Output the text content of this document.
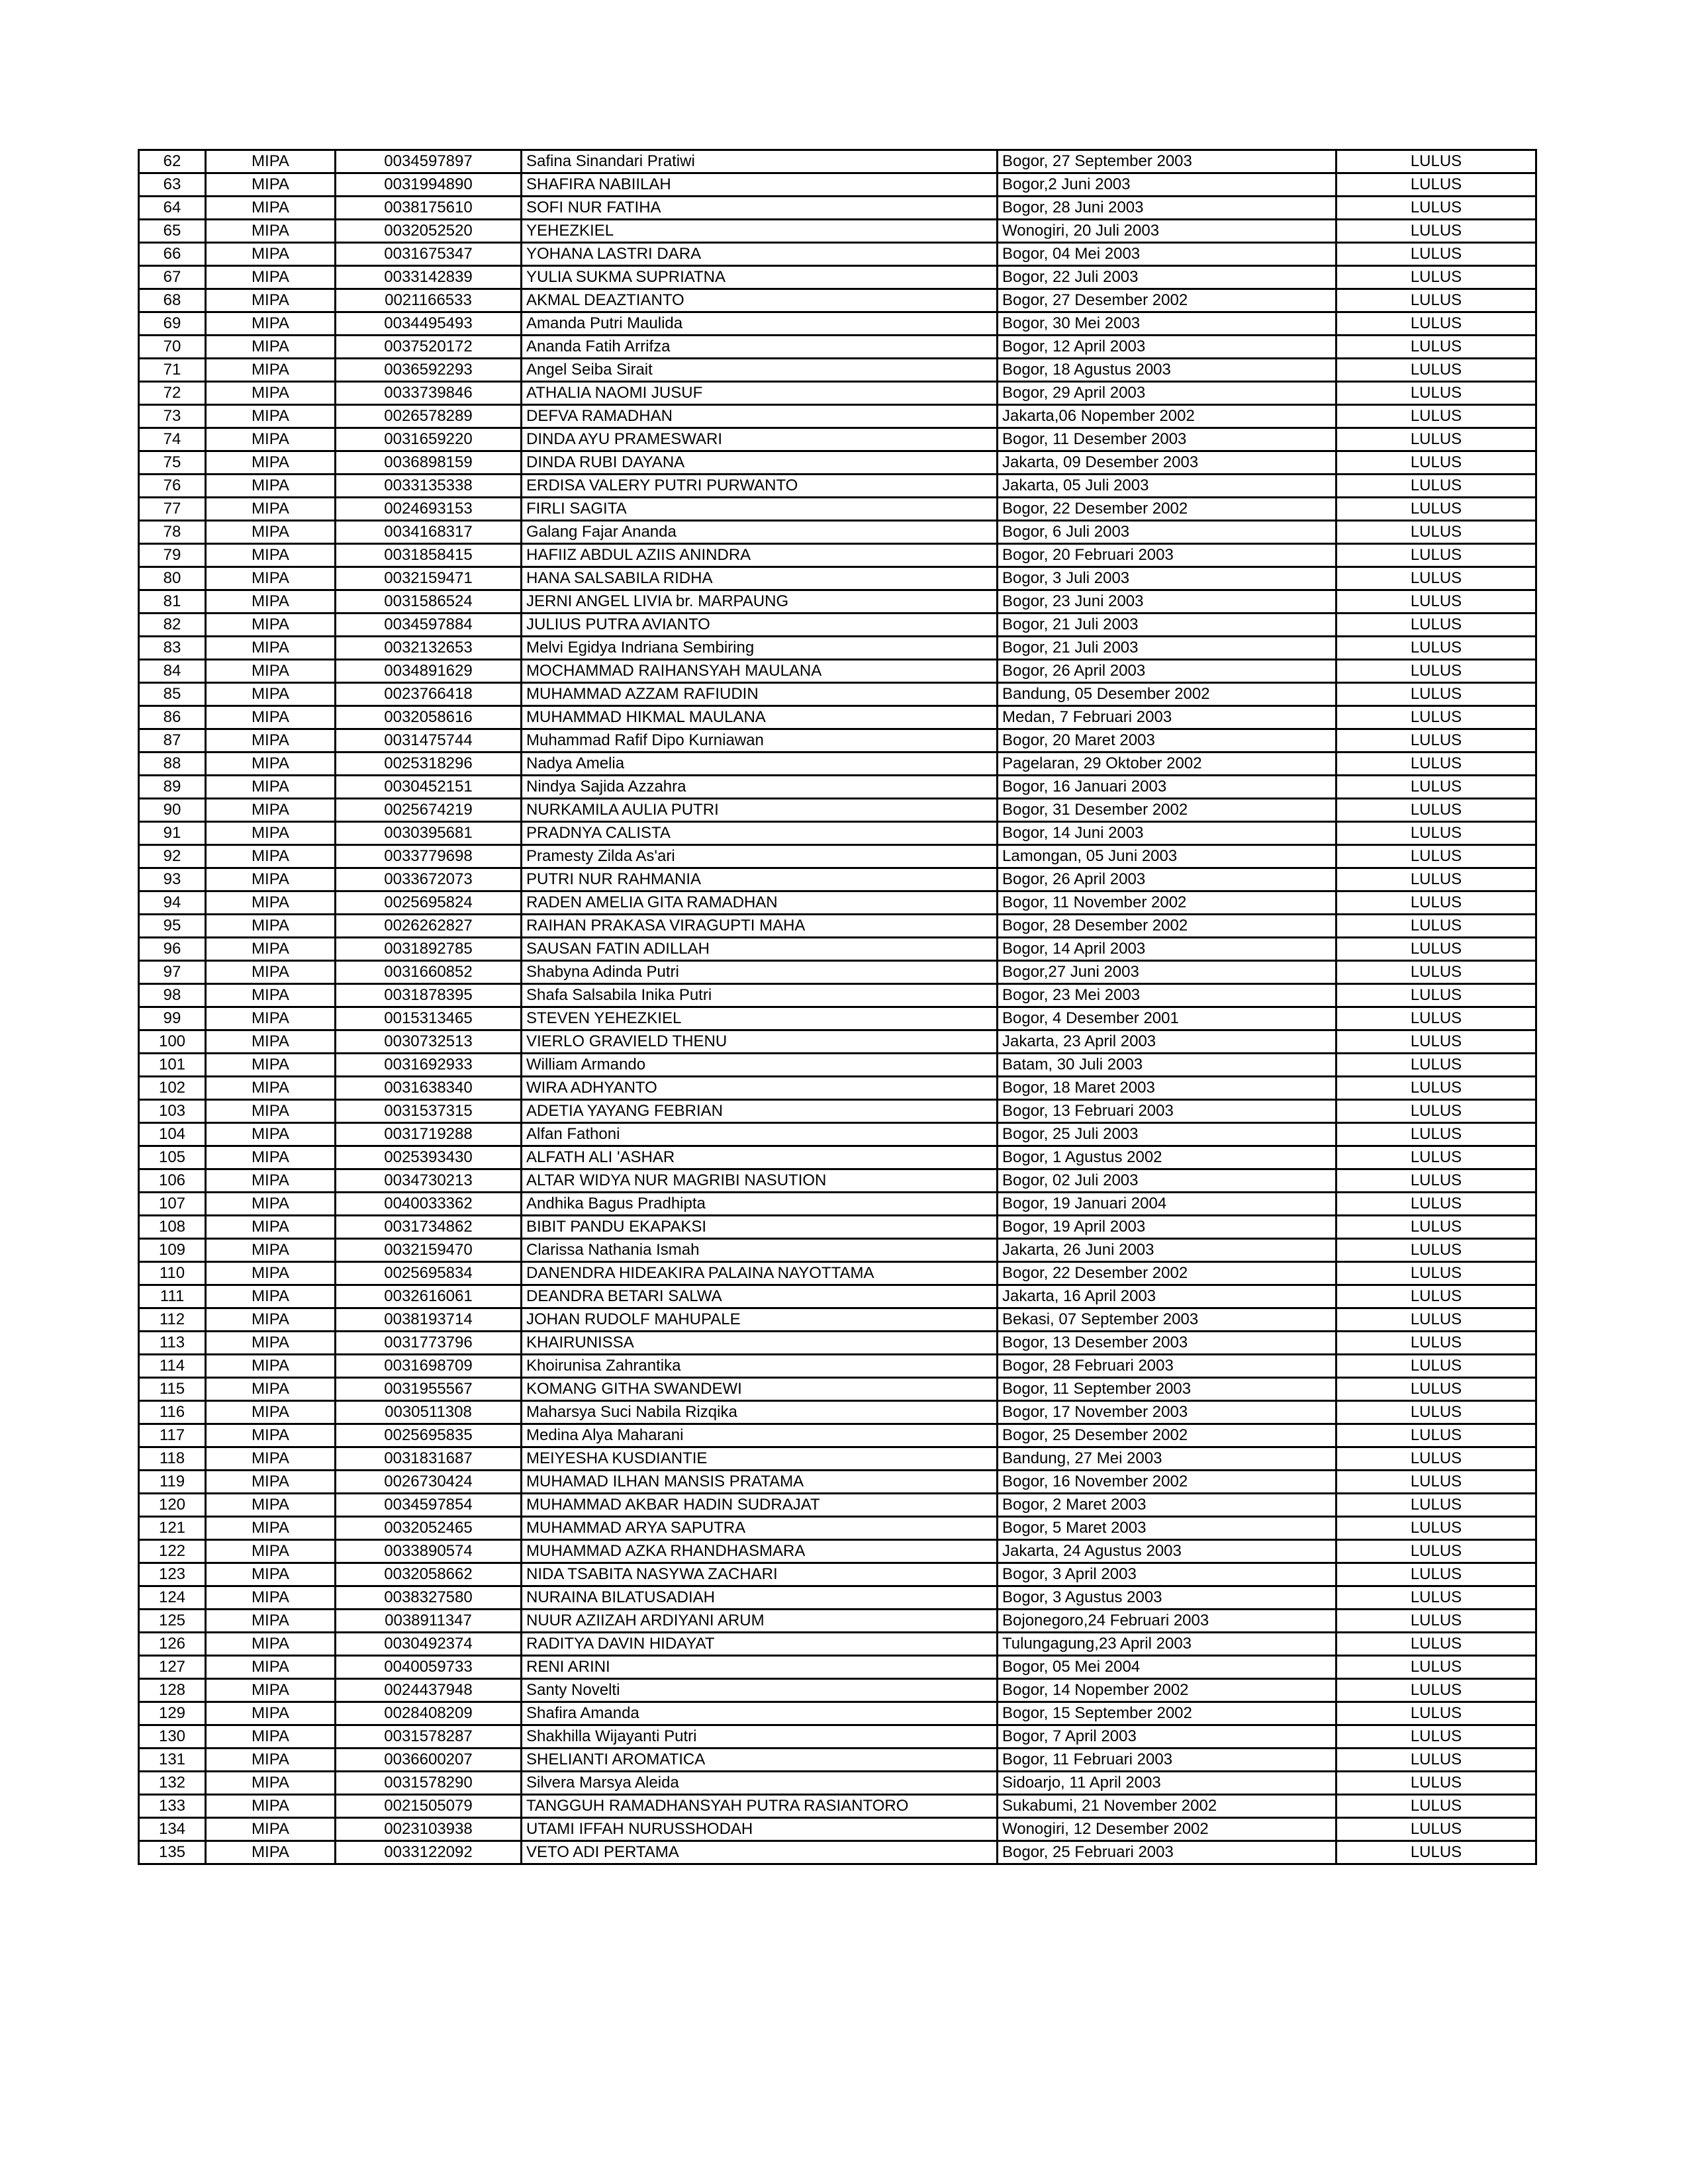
62	MIPA	0034597897	Safina Sinandari Pratiwi	Bogor, 27 September 2003	LULUS
63	MIPA	0031994890	SHAFIRA NABIILAH	Bogor,2 Juni 2003	LULUS
64	MIPA	0038175610	SOFI NUR FATIHA	Bogor, 28 Juni 2003	LULUS
65	MIPA	0032052520	YEHEZKIEL	Wonogiri, 20 Juli 2003	LULUS
66	MIPA	0031675347	YOHANA LASTRI DARA	Bogor, 04 Mei 2003	LULUS
67	MIPA	0033142839	YULIA SUKMA SUPRIATNA	Bogor, 22 Juli 2003	LULUS
68	MIPA	0021166533	AKMAL DEAZTIANTO	Bogor, 27 Desember 2002	LULUS
69	MIPA	0034495493	Amanda Putri Maulida	Bogor, 30 Mei 2003	LULUS
70	MIPA	0037520172	Ananda Fatih Arrifza	Bogor, 12 April 2003	LULUS
71	MIPA	0036592293	Angel Seiba Sirait	Bogor, 18 Agustus 2003	LULUS
72	MIPA	0033739846	ATHALIA NAOMI JUSUF	Bogor, 29 April 2003	LULUS
73	MIPA	0026578289	DEFVA RAMADHAN	Jakarta,06 Nopember 2002	LULUS
74	MIPA	0031659220	DINDA AYU PRAMESWARI	Bogor, 11 Desember 2003	LULUS
75	MIPA	0036898159	DINDA RUBI DAYANA	Jakarta, 09 Desember 2003	LULUS
76	MIPA	0033135338	ERDISA VALERY PUTRI PURWANTO	Jakarta, 05 Juli 2003	LULUS
77	MIPA	0024693153	FIRLI SAGITA	Bogor, 22 Desember 2002	LULUS
78	MIPA	0034168317	Galang Fajar Ananda	Bogor, 6 Juli 2003	LULUS
79	MIPA	0031858415	HAFIIZ ABDUL AZIIS ANINDRA	Bogor, 20 Februari 2003	LULUS
80	MIPA	0032159471	HANA SALSABILA RIDHA	Bogor, 3 Juli 2003	LULUS
81	MIPA	0031586524	JERNI ANGEL LIVIA br. MARPAUNG	Bogor, 23 Juni 2003	LULUS
82	MIPA	0034597884	JULIUS PUTRA AVIANTO	Bogor, 21 Juli 2003	LULUS
83	MIPA	0032132653	Melvi Egidya Indriana Sembiring	Bogor, 21 Juli 2003	LULUS
84	MIPA	0034891629	MOCHAMMAD RAIHANSYAH MAULANA	Bogor, 26 April 2003	LULUS
85	MIPA	0023766418	MUHAMMAD AZZAM RAFIUDIN	Bandung, 05 Desember 2002	LULUS
86	MIPA	0032058616	MUHAMMAD HIKMAL MAULANA	Medan, 7 Februari 2003	LULUS
87	MIPA	0031475744	Muhammad Rafif Dipo Kurniawan	Bogor, 20 Maret 2003	LULUS
88	MIPA	0025318296	Nadya Amelia	Pagelaran, 29 Oktober 2002	LULUS
89	MIPA	0030452151	Nindya Sajida Azzahra	Bogor, 16 Januari 2003	LULUS
90	MIPA	0025674219	NURKAMILA AULIA PUTRI	Bogor, 31 Desember 2002	LULUS
91	MIPA	0030395681	PRADNYA CALISTA	Bogor, 14 Juni 2003	LULUS
92	MIPA	0033779698	Pramesty Zilda As'ari	Lamongan, 05 Juni 2003	LULUS
93	MIPA	0033672073	PUTRI NUR RAHMANIA	Bogor, 26 April 2003	LULUS
94	MIPA	0025695824	RADEN AMELIA GITA RAMADHAN	Bogor, 11 November 2002	LULUS
95	MIPA	0026262827	RAIHAN PRAKASA VIRAGUPTI MAHA	Bogor, 28 Desember 2002	LULUS
96	MIPA	0031892785	SAUSAN FATIN ADILLAH	Bogor, 14 April 2003	LULUS
97	MIPA	0031660852	Shabyna Adinda Putri	Bogor,27 Juni 2003	LULUS
98	MIPA	0031878395	Shafa Salsabila Inika Putri	Bogor, 23 Mei 2003	LULUS
99	MIPA	0015313465	STEVEN YEHEZKIEL	Bogor, 4 Desember 2001	LULUS
100	MIPA	0030732513	VIERLO GRAVIELD THENU	Jakarta, 23 April 2003	LULUS
101	MIPA	0031692933	William Armando	Batam, 30 Juli 2003	LULUS
102	MIPA	0031638340	WIRA ADHYANTO	Bogor, 18 Maret 2003	LULUS
103	MIPA	0031537315	ADETIA YAYANG FEBRIAN	Bogor, 13 Februari 2003	LULUS
104	MIPA	0031719288	Alfan Fathoni	Bogor, 25 Juli 2003	LULUS
105	MIPA	0025393430	ALFATH ALI 'ASHAR	Bogor, 1 Agustus 2002	LULUS
106	MIPA	0034730213	ALTAR WIDYA NUR MAGRIBI NASUTION	Bogor, 02 Juli 2003	LULUS
107	MIPA	0040033362	Andhika Bagus Pradhipta	Bogor, 19 Januari 2004	LULUS
108	MIPA	0031734862	BIBIT PANDU EKAPAKSI	Bogor, 19 April 2003	LULUS
109	MIPA	0032159470	Clarissa Nathania Ismah	Jakarta, 26 Juni 2003	LULUS
110	MIPA	0025695834	DANENDRA HIDEAKIRA PALAINA NAYOTTAMA	Bogor, 22 Desember 2002	LULUS
111	MIPA	0032616061	DEANDRA BETARI SALWA	Jakarta, 16 April 2003	LULUS
112	MIPA	0038193714	JOHAN RUDOLF MAHUPALE	Bekasi, 07 September 2003	LULUS
113	MIPA	0031773796	KHAIRUNISSA	Bogor, 13 Desember 2003	LULUS
114	MIPA	0031698709	Khoirunisa Zahrantika	Bogor, 28 Februari 2003	LULUS
115	MIPA	0031955567	KOMANG GITHA SWANDEWI	Bogor, 11 September 2003	LULUS
116	MIPA	0030511308	Maharsya Suci Nabila Rizqika	Bogor, 17 November 2003	LULUS
117	MIPA	0025695835	Medina Alya Maharani	Bogor, 25 Desember 2002	LULUS
118	MIPA	0031831687	MEIYESHA KUSDIANTIE	Bandung, 27 Mei 2003	LULUS
119	MIPA	0026730424	MUHAMAD ILHAN MANSIS PRATAMA	Bogor, 16 November 2002	LULUS
120	MIPA	0034597854	MUHAMMAD AKBAR HADIN SUDRAJAT	Bogor, 2 Maret 2003	LULUS
121	MIPA	0032052465	MUHAMMAD ARYA SAPUTRA	Bogor, 5 Maret 2003	LULUS
122	MIPA	0033890574	MUHAMMAD AZKA RHANDHASMARA	Jakarta, 24 Agustus 2003	LULUS
123	MIPA	0032058662	NIDA TSABITA NASYWA ZACHARI	Bogor, 3 April 2003	LULUS
124	MIPA	0038327580	NURAINA BILATUSADIAH	Bogor, 3 Agustus 2003	LULUS
125	MIPA	0038911347	NUUR AZIIZAH ARDIYANI ARUM	Bojonegoro,24 Februari 2003	LULUS
126	MIPA	0030492374	RADITYA DAVIN HIDAYAT	Tulungagung,23 April 2003	LULUS
127	MIPA	0040059733	RENI ARINI	Bogor, 05 Mei 2004	LULUS
128	MIPA	0024437948	Santy Novelti	Bogor, 14 Nopember 2002	LULUS
129	MIPA	0028408209	Shafira Amanda	Bogor, 15 September 2002	LULUS
130	MIPA	0031578287	Shakhilla Wijayanti Putri	Bogor, 7 April 2003	LULUS
131	MIPA	0036600207	SHELIANTI AROMATICA	Bogor, 11 Februari 2003	LULUS
132	MIPA	0031578290	Silvera Marsya Aleida	Sidoarjo, 11 April 2003	LULUS
133	MIPA	0021505079	TANGGUH RAMADHANSYAH PUTRA RASIANTORO	Sukabumi, 21 November 2002	LULUS
134	MIPA	0023103938	UTAMI IFFAH NURUSSHODAH	Wonogiri, 12 Desember 2002	LULUS
135	MIPA	0033122092	VETO ADI PERTAMA	Bogor, 25 Februari 2003	LULUS
